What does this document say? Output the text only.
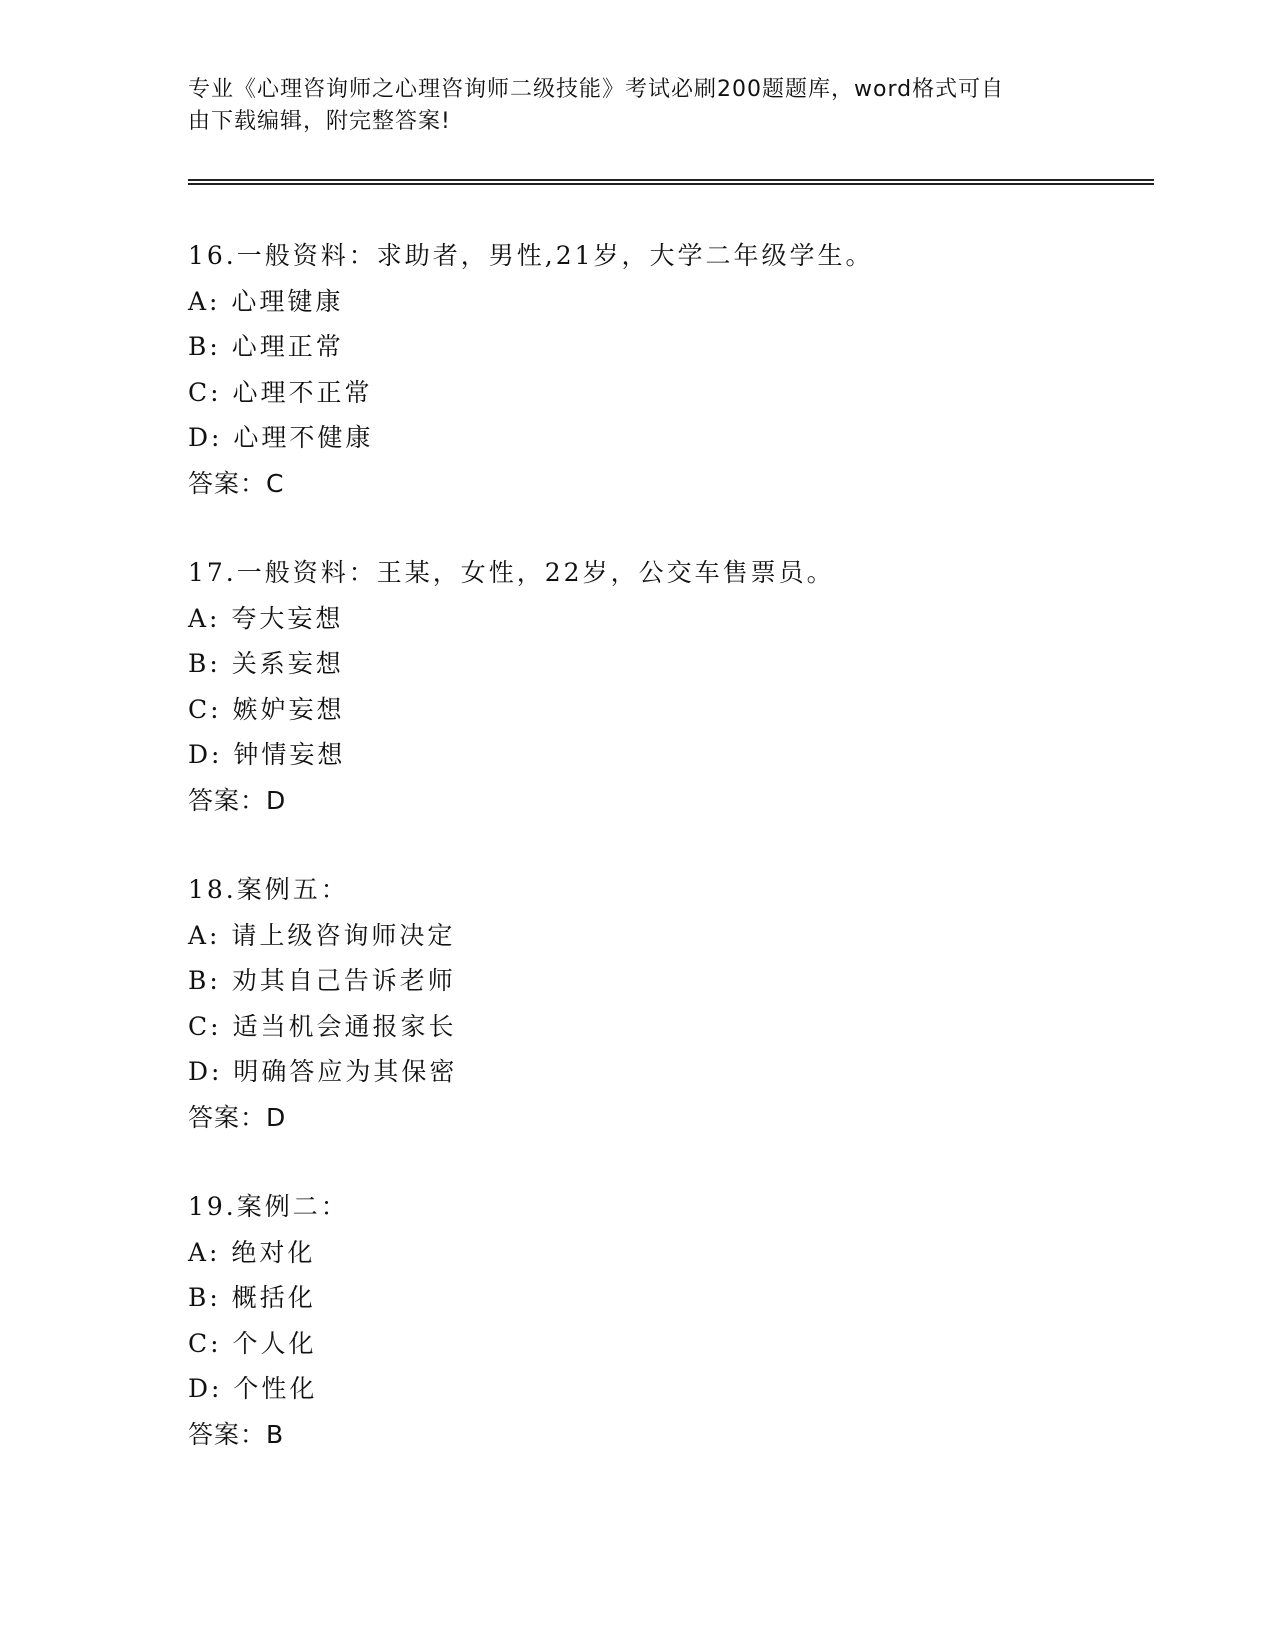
专业《心理咨询师之心理咨询师二级技能》考试必刷200题题库，word格式可自
由下载编辑，附完整答案!
16.一般资料：求助者，男性,21岁，大学二年级学生。
A: 心理键康
B: 心理正常
C: 心理不正常
D: 心理不健康
答案：C
17.一般资料：王某，女性，22岁，公交车售票员。
A: 夸大妄想
B: 关系妄想
C: 嫉妒妄想
D: 钟情妄想
答案：D
18.案例五：
A: 请上级咨询师决定
B: 劝其自己告诉老师
C: 适当机会通报家长
D: 明确答应为其保密
答案：D
19.案例二：
A: 绝对化
B: 概括化
C: 个人化
D: 个性化
答案：B
